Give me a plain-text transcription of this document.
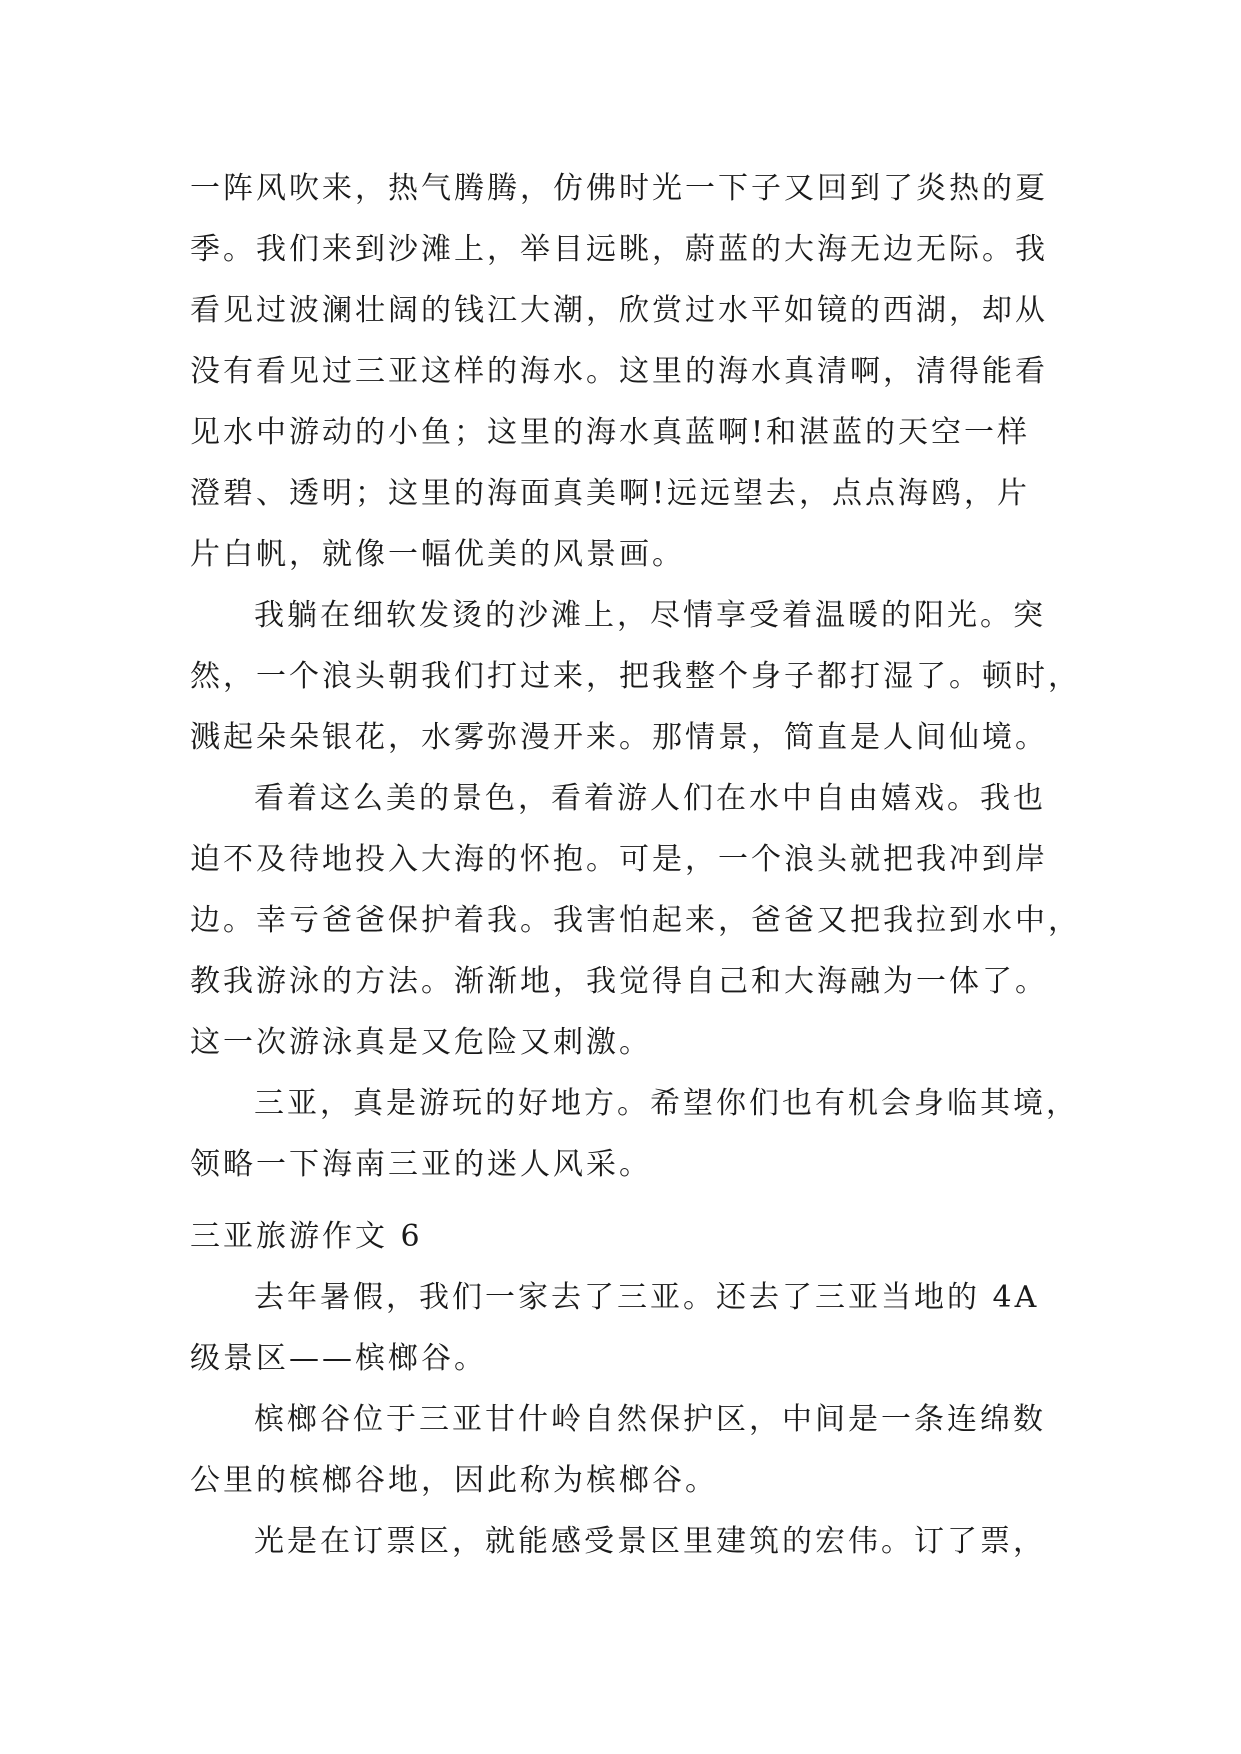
一阵风吹来，热气腾腾，仿佛时光一下子又回到了炎热的夏
季。我们来到沙滩上，举目远眺，蔚蓝的大海无边无际。我
看见过波澜壮阔的钱江大潮，欣赏过水平如镜的西湖，却从
没有看见过三亚这样的海水。这里的海水真清啊，清得能看
见水中游动的小鱼；这里的海水真蓝啊!和湛蓝的天空一样
澄碧、透明；这里的海面真美啊!远远望去，点点海鸥，片
片白帆，就像一幅优美的风景画。
我躺在细软发烫的沙滩上，尽情享受着温暖的阳光。突
然，一个浪头朝我们打过来，把我整个身子都打湿了。顿时，
溅起朵朵银花，水雾弥漫开来。那情景，简直是人间仙境。
看着这么美的景色，看着游人们在水中自由嬉戏。我也
迫不及待地投入大海的怀抱。可是，一个浪头就把我冲到岸
边。幸亏爸爸保护着我。我害怕起来，爸爸又把我拉到水中，
教我游泳的方法。渐渐地，我觉得自己和大海融为一体了。
这一次游泳真是又危险又刺激。
三亚，真是游玩的好地方。希望你们也有机会身临其境，
领略一下海南三亚的迷人风采。
三亚旅游作文 6
去年暑假，我们一家去了三亚。还去了三亚当地的 4A
级景区——槟榔谷。
槟榔谷位于三亚甘什岭自然保护区，中间是一条连绵数
公里的槟榔谷地，因此称为槟榔谷。
光是在订票区，就能感受景区里建筑的宏伟。订了票，
